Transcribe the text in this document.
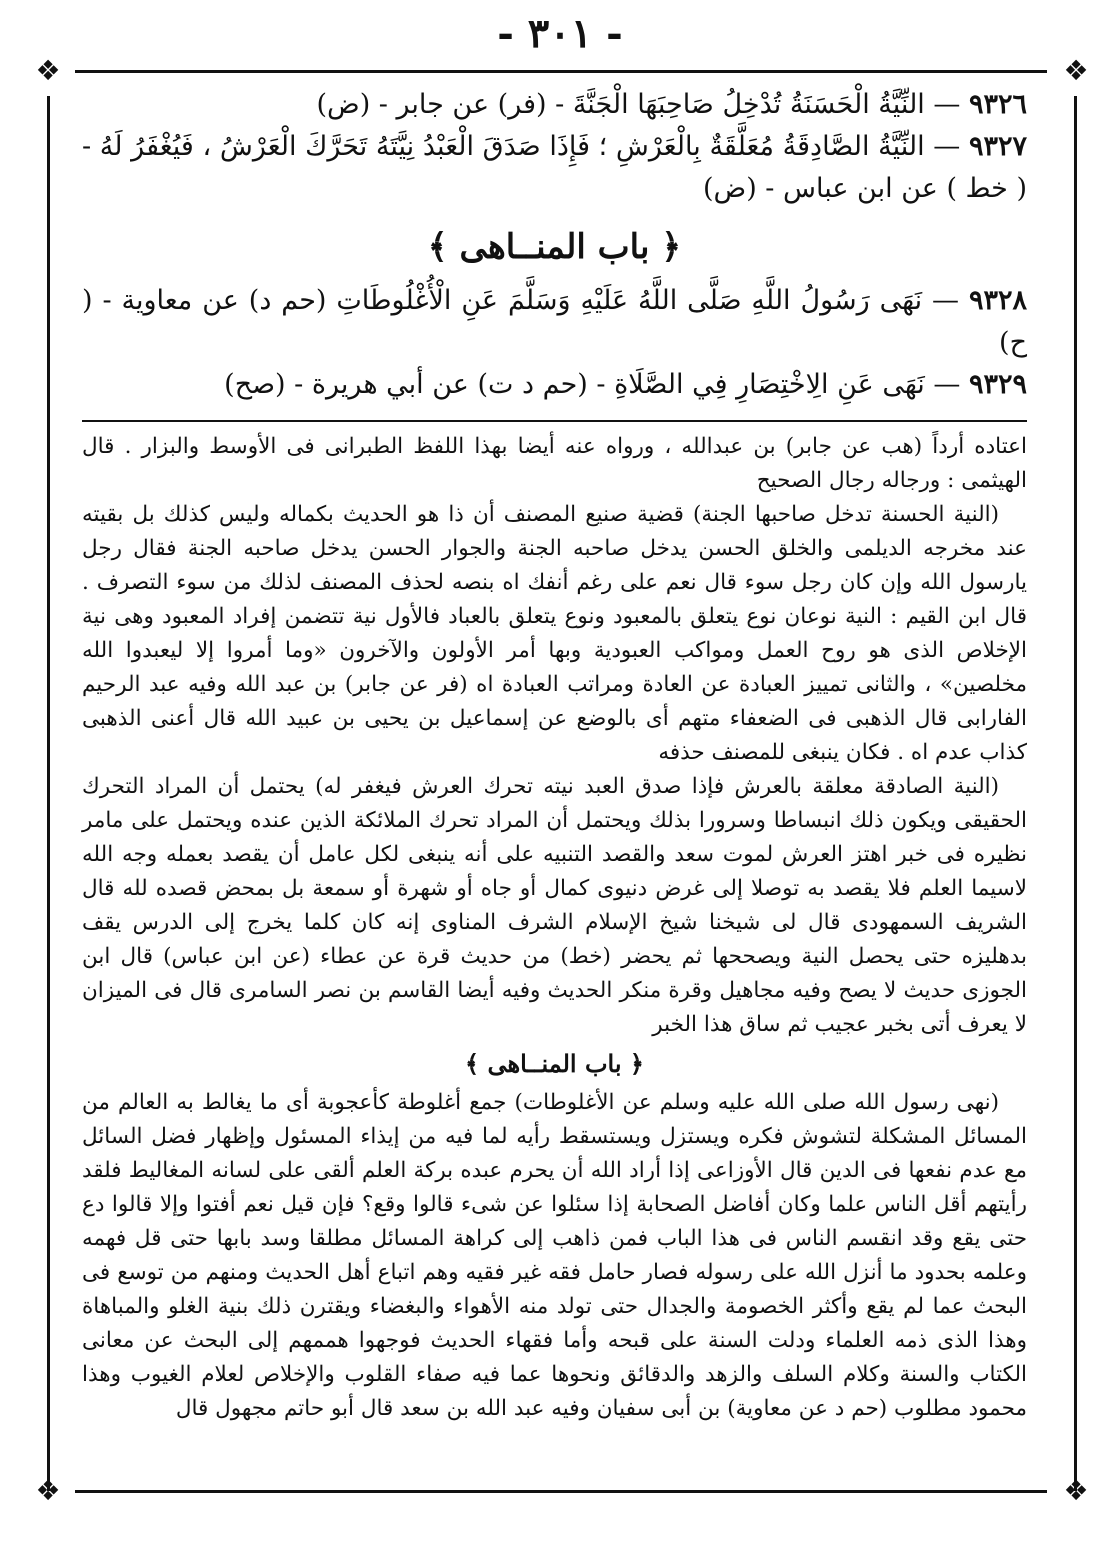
- ٣٠١ -
❖	❖
❖	❖

٩٣٢٦ — النِّيَّةُ الْحَسَنَةُ تُدْخِلُ صَاحِبَهَا الْجَنَّةَ - (فر) عن جابر - (ض)

٩٣٢٧ — النِّيَّةُ الصَّادِقَةُ مُعَلَّقَةٌ بِالْعَرْشِ ؛ فَإِذَا صَدَقَ الْعَبْدُ نِيَّتَهُ تَحَرَّكَ الْعَرْشُ ، فَيُغْفَرُ لَهُ - ( خط ) عن ابن عباس - (ض)

﴿ باب المنــاهى ﴾

٩٣٢٨ — نَهَى رَسُولُ اللَّهِ صَلَّى اللَّهُ عَلَيْهِ وَسَلَّمَ عَنِ الْأُغْلُوطَاتِ (حم د) عن معاوية - ( ح)

٩٣٢٩ — نَهَى عَنِ الِاخْتِصَارِ فِي الصَّلَاةِ - (حم د ت) عن أبي هريرة - (صح)

اعتاده أرداً (هب عن جابر) بن عبدالله ، ورواه عنه أيضا بهذا اللفظ الطبرانى فى الأوسط والبزار . قال الهيثمى : ورجاله رجال الصحيح

(النية الحسنة تدخل صاحبها الجنة) قضية صنيع المصنف أن ذا هو الحديث بكماله وليس كذلك بل بقيته عند مخرجه الديلمى والخلق الحسن يدخل صاحبه الجنة والجوار الحسن يدخل صاحبه الجنة فقال رجل يارسول الله وإن كان رجل سوء قال نعم على رغم أنفك اه بنصه لحذف المصنف لذلك من سوء التصرف . قال ابن القيم : النية نوعان نوع يتعلق بالمعبود ونوع يتعلق بالعباد فالأول نية تتضمن إفراد المعبود وهى نية الإخلاص الذى هو روح العمل ومواكب العبودية وبها أمر الأولون والآخرون «وما أمروا إلا ليعبدوا الله مخلصين» ، والثانى تمييز العبادة عن العادة ومراتب العبادة اه (فر عن جابر) بن عبد الله وفيه عبد الرحيم الفارابى قال الذهبى فى الضعفاء متهم أى بالوضع عن إسماعيل بن يحيى بن عبيد الله قال أعنى الذهبى كذاب عدم اه . فكان ينبغى للمصنف حذفه

(النية الصادقة معلقة بالعرش فإذا صدق العبد نيته تحرك العرش فيغفر له) يحتمل أن المراد التحرك الحقيقى ويكون ذلك انبساطا وسرورا بذلك ويحتمل أن المراد تحرك الملائكة الذين عنده ويحتمل على مامر نظيره فى خبر اهتز العرش لموت سعد والقصد التنبيه على أنه ينبغى لكل عامل أن يقصد بعمله وجه الله لاسيما العلم فلا يقصد به توصلا إلى غرض دنيوى كمال أو جاه أو شهرة أو سمعة بل بمحض قصده لله قال الشريف السمهودى قال لى شيخنا شيخ الإسلام الشرف المناوى إنه كان كلما يخرج إلى الدرس يقف بدهليزه حتى يحصل النية ويصححها ثم يحضر (خط) من حديث قرة عن عطاء (عن ابن عباس) قال ابن الجوزى حديث لا يصح وفيه مجاهيل وقرة منكر الحديث وفيه أيضا القاسم بن نصر السامرى قال فى الميزان لا يعرف أتى بخبر عجيب ثم ساق هذا الخبر

﴿ باب المنــاهى ﴾

(نهى رسول الله صلى الله عليه وسلم عن الأغلوطات) جمع أغلوطة كأعجوبة أى ما يغالط به العالم من المسائل المشكلة لتشوش فكره ويستزل ويستسقط رأيه لما فيه من إيذاء المسئول وإظهار فضل السائل مع عدم نفعها فى الدين قال الأوزاعى إذا أراد الله أن يحرم عبده بركة العلم ألقى على لسانه المغاليط فلقد رأيتهم أقل الناس علما وكان أفاضل الصحابة إذا سئلوا عن شىء قالوا وقع؟ فإن قيل نعم أفتوا وإلا قالوا دع حتى يقع وقد انقسم الناس فى هذا الباب فمن ذاهب إلى كراهة المسائل مطلقا وسد بابها حتى قل فهمه وعلمه بحدود ما أنزل الله على رسوله فصار حامل فقه غير فقيه وهم اتباع أهل الحديث ومنهم من توسع فى البحث عما لم يقع وأكثر الخصومة والجدال حتى تولد منه الأهواء والبغضاء ويقترن ذلك بنية الغلو والمباهاة وهذا الذى ذمه العلماء ودلت السنة على قبحه وأما فقهاء الحديث فوجهوا هممهم إلى البحث عن معانى الكتاب والسنة وكلام السلف والزهد والدقائق ونحوها عما فيه صفاء القلوب والإخلاص لعلام الغيوب وهذا محمود مطلوب (حم د عن معاوية) بن أبى سفيان وفيه عبد الله بن سعد قال أبو حاتم مجهول قال
